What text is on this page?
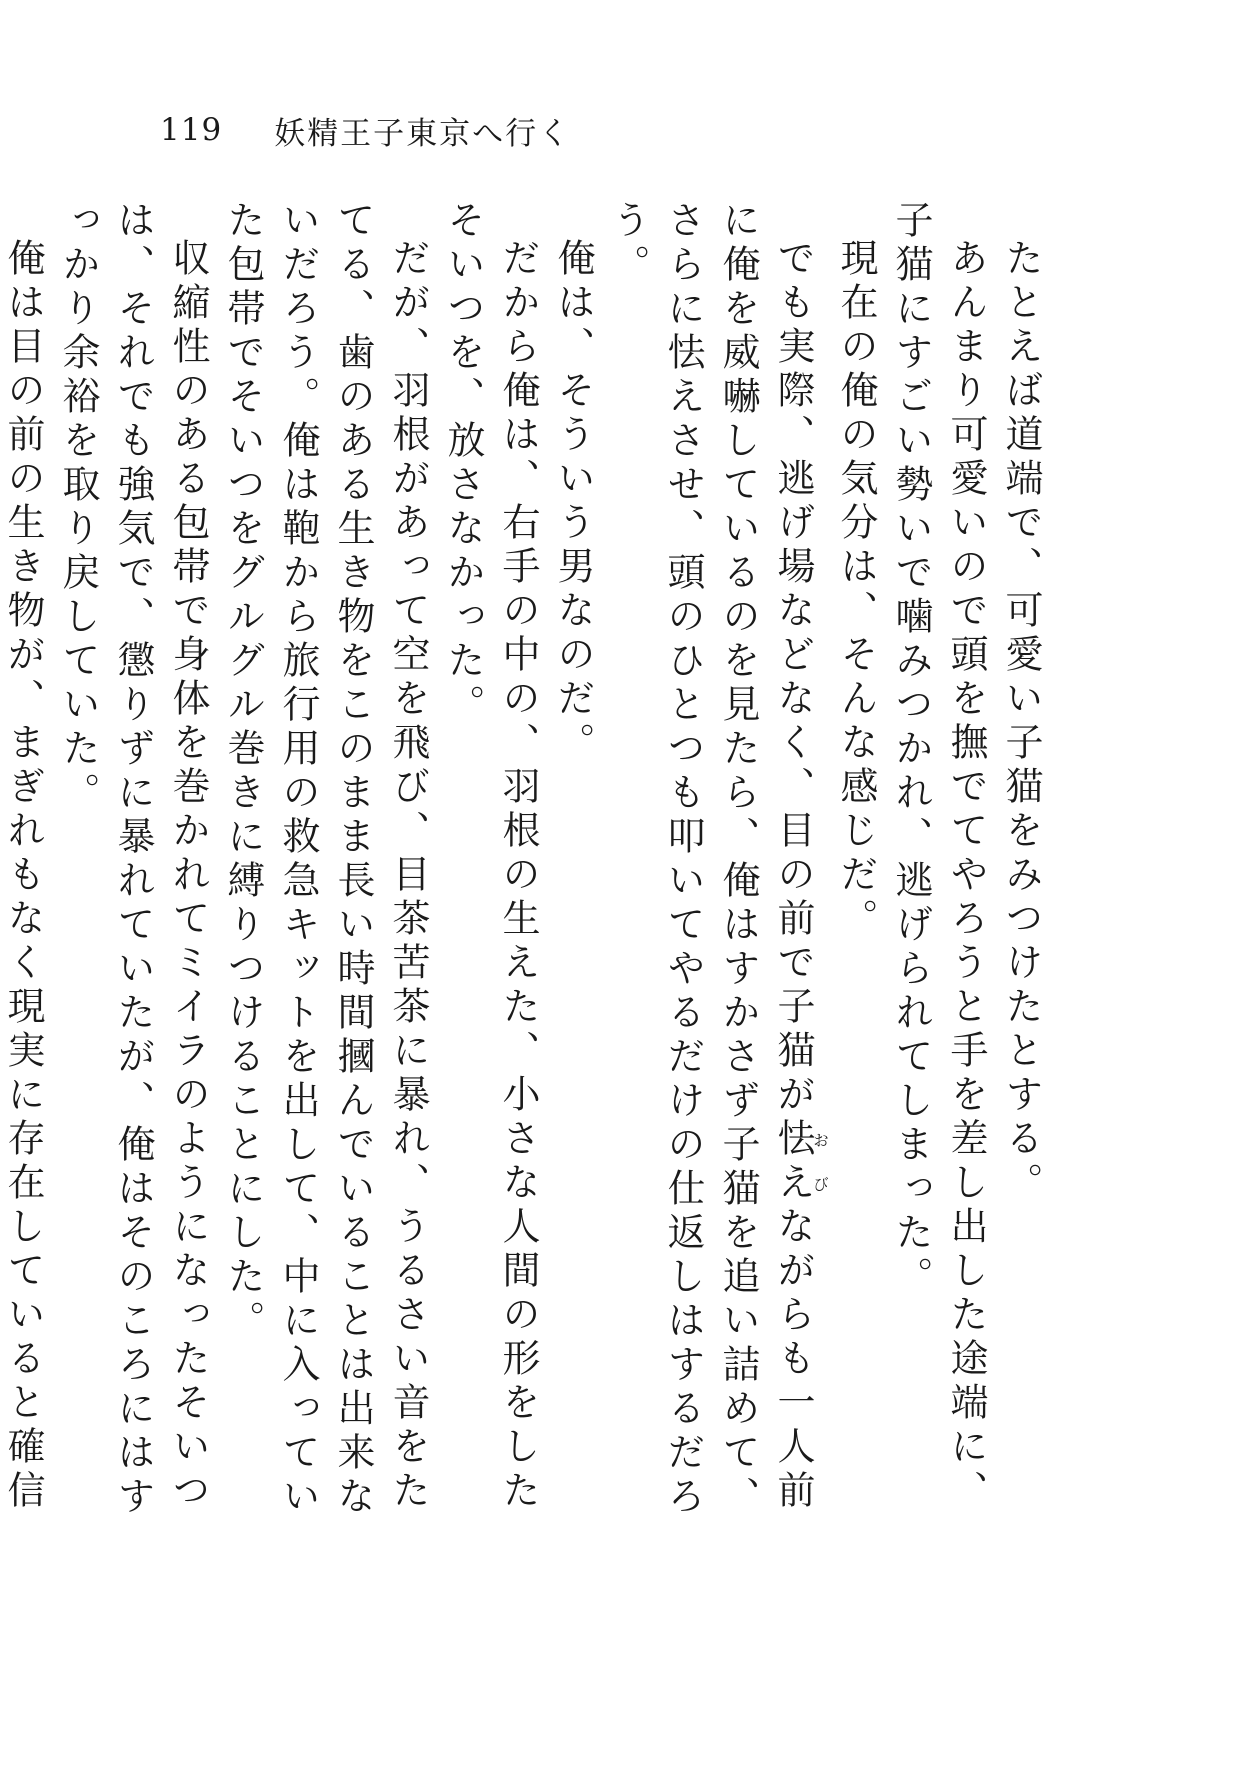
119 妖精王子東京へ行く

たとえば道端で、可愛い子猫をみつけたとする。

あんまり可愛いので頭を撫でてやろうと手を差し出した途端に、子猫にすごい勢いで噛みつかれ、逃げられてしまった。

現在の俺の気分は、そんな感じだ。

でも実際、逃げ場などなく、目の前で子猫が怯えおびながらも一人前に俺を威嚇しているのを見たら、俺はすかさず子猫を追い詰めて、さらに怯えさせ、頭のひとつも叩いてやるだけの仕返しはするだろう。

俺は、そういう男なのだ。

だから俺は、右手の中の、羽根の生えた、小さな人間の形をしたそいつを、放さなかった。

だが、羽根があって空を飛び、目茶苦茶に暴れ、うるさい音をたてる、歯のある生き物をこのまま長い時間摑んでいることは出来ないだろう。俺は鞄から旅行用の救急キットを出して、中に入っていた包帯でそいつをグルグル巻きに縛りつけることにした。

収縮性のある包帯で身体を巻かれてミイラのようになったそいつは、それでも強気で、懲りずに暴れていたが、俺はそのころにはすっかり余裕を取り戻していた。

俺は目の前の生き物が、まぎれもなく現実に存在していると確信
